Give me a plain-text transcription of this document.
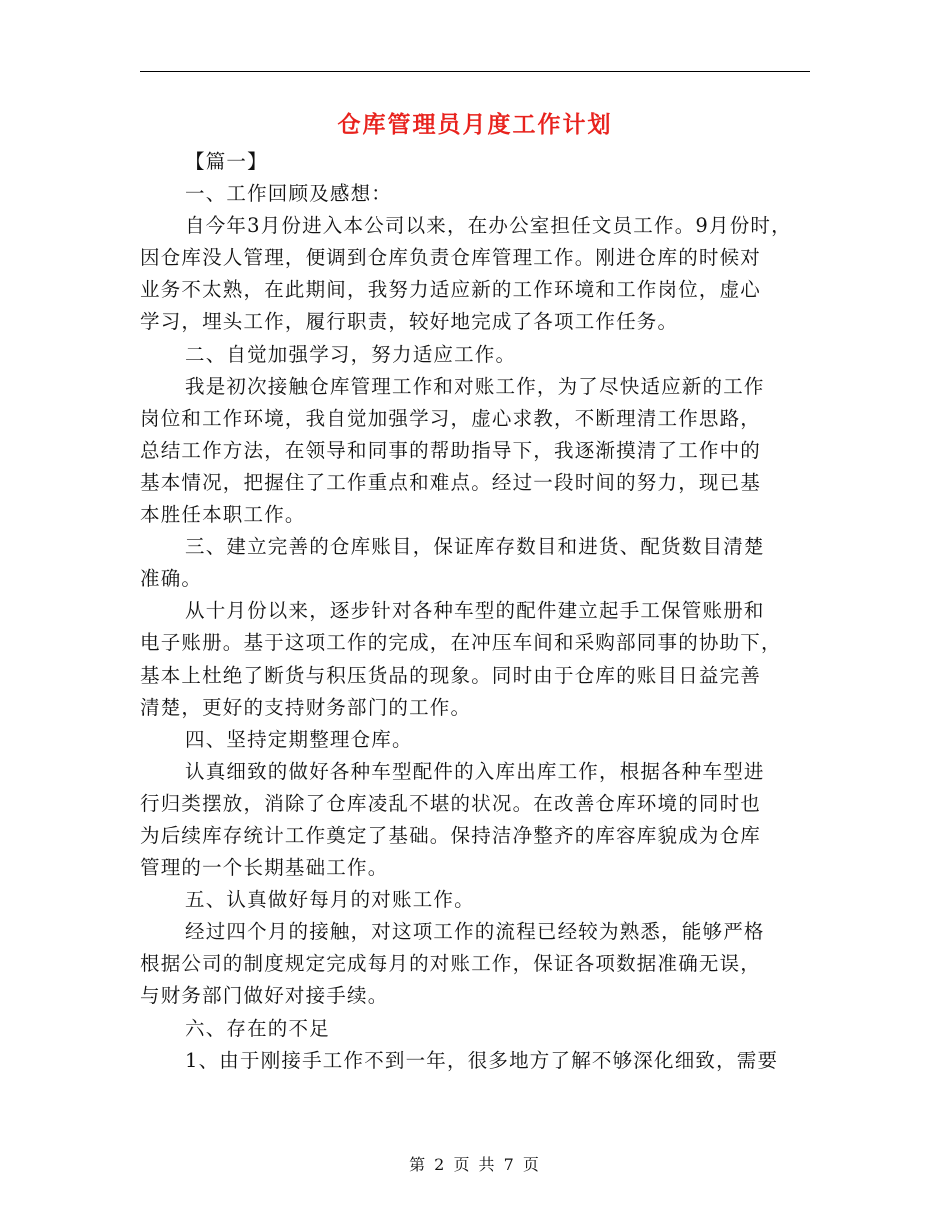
仓库管理员月度工作计划
【篇一】
一、工作回顾及感想：
自今年3月份进入本公司以来，在办公室担任文员工作。9月份时，
因仓库没人管理，便调到仓库负责仓库管理工作。刚进仓库的时候对
业务不太熟，在此期间，我努力适应新的工作环境和工作岗位，虚心
学习，埋头工作，履行职责，较好地完成了各项工作任务。
二、自觉加强学习，努力适应工作。
我是初次接触仓库管理工作和对账工作，为了尽快适应新的工作
岗位和工作环境，我自觉加强学习，虚心求教，不断理清工作思路，
总结工作方法，在领导和同事的帮助指导下，我逐渐摸清了工作中的
基本情况，把握住了工作重点和难点。经过一段时间的努力，现已基
本胜任本职工作。
三、建立完善的仓库账目，保证库存数目和进货、配货数目清楚
准确。
从十月份以来，逐步针对各种车型的配件建立起手工保管账册和
电子账册。基于这项工作的完成，在冲压车间和采购部同事的协助下，
基本上杜绝了断货与积压货品的现象。同时由于仓库的账目日益完善
清楚，更好的支持财务部门的工作。
四、坚持定期整理仓库。
认真细致的做好各种车型配件的入库出库工作，根据各种车型进
行归类摆放，消除了仓库凌乱不堪的状况。在改善仓库环境的同时也
为后续库存统计工作奠定了基础。保持洁净整齐的库容库貌成为仓库
管理的一个长期基础工作。
五、认真做好每月的对账工作。
经过四个月的接触，对这项工作的流程已经较为熟悉，能够严格
根据公司的制度规定完成每月的对账工作，保证各项数据准确无误，
与财务部门做好对接手续。
六、存在的不足
1、由于刚接手工作不到一年，很多地方了解不够深化细致，需要
第 2 页 共 7 页
